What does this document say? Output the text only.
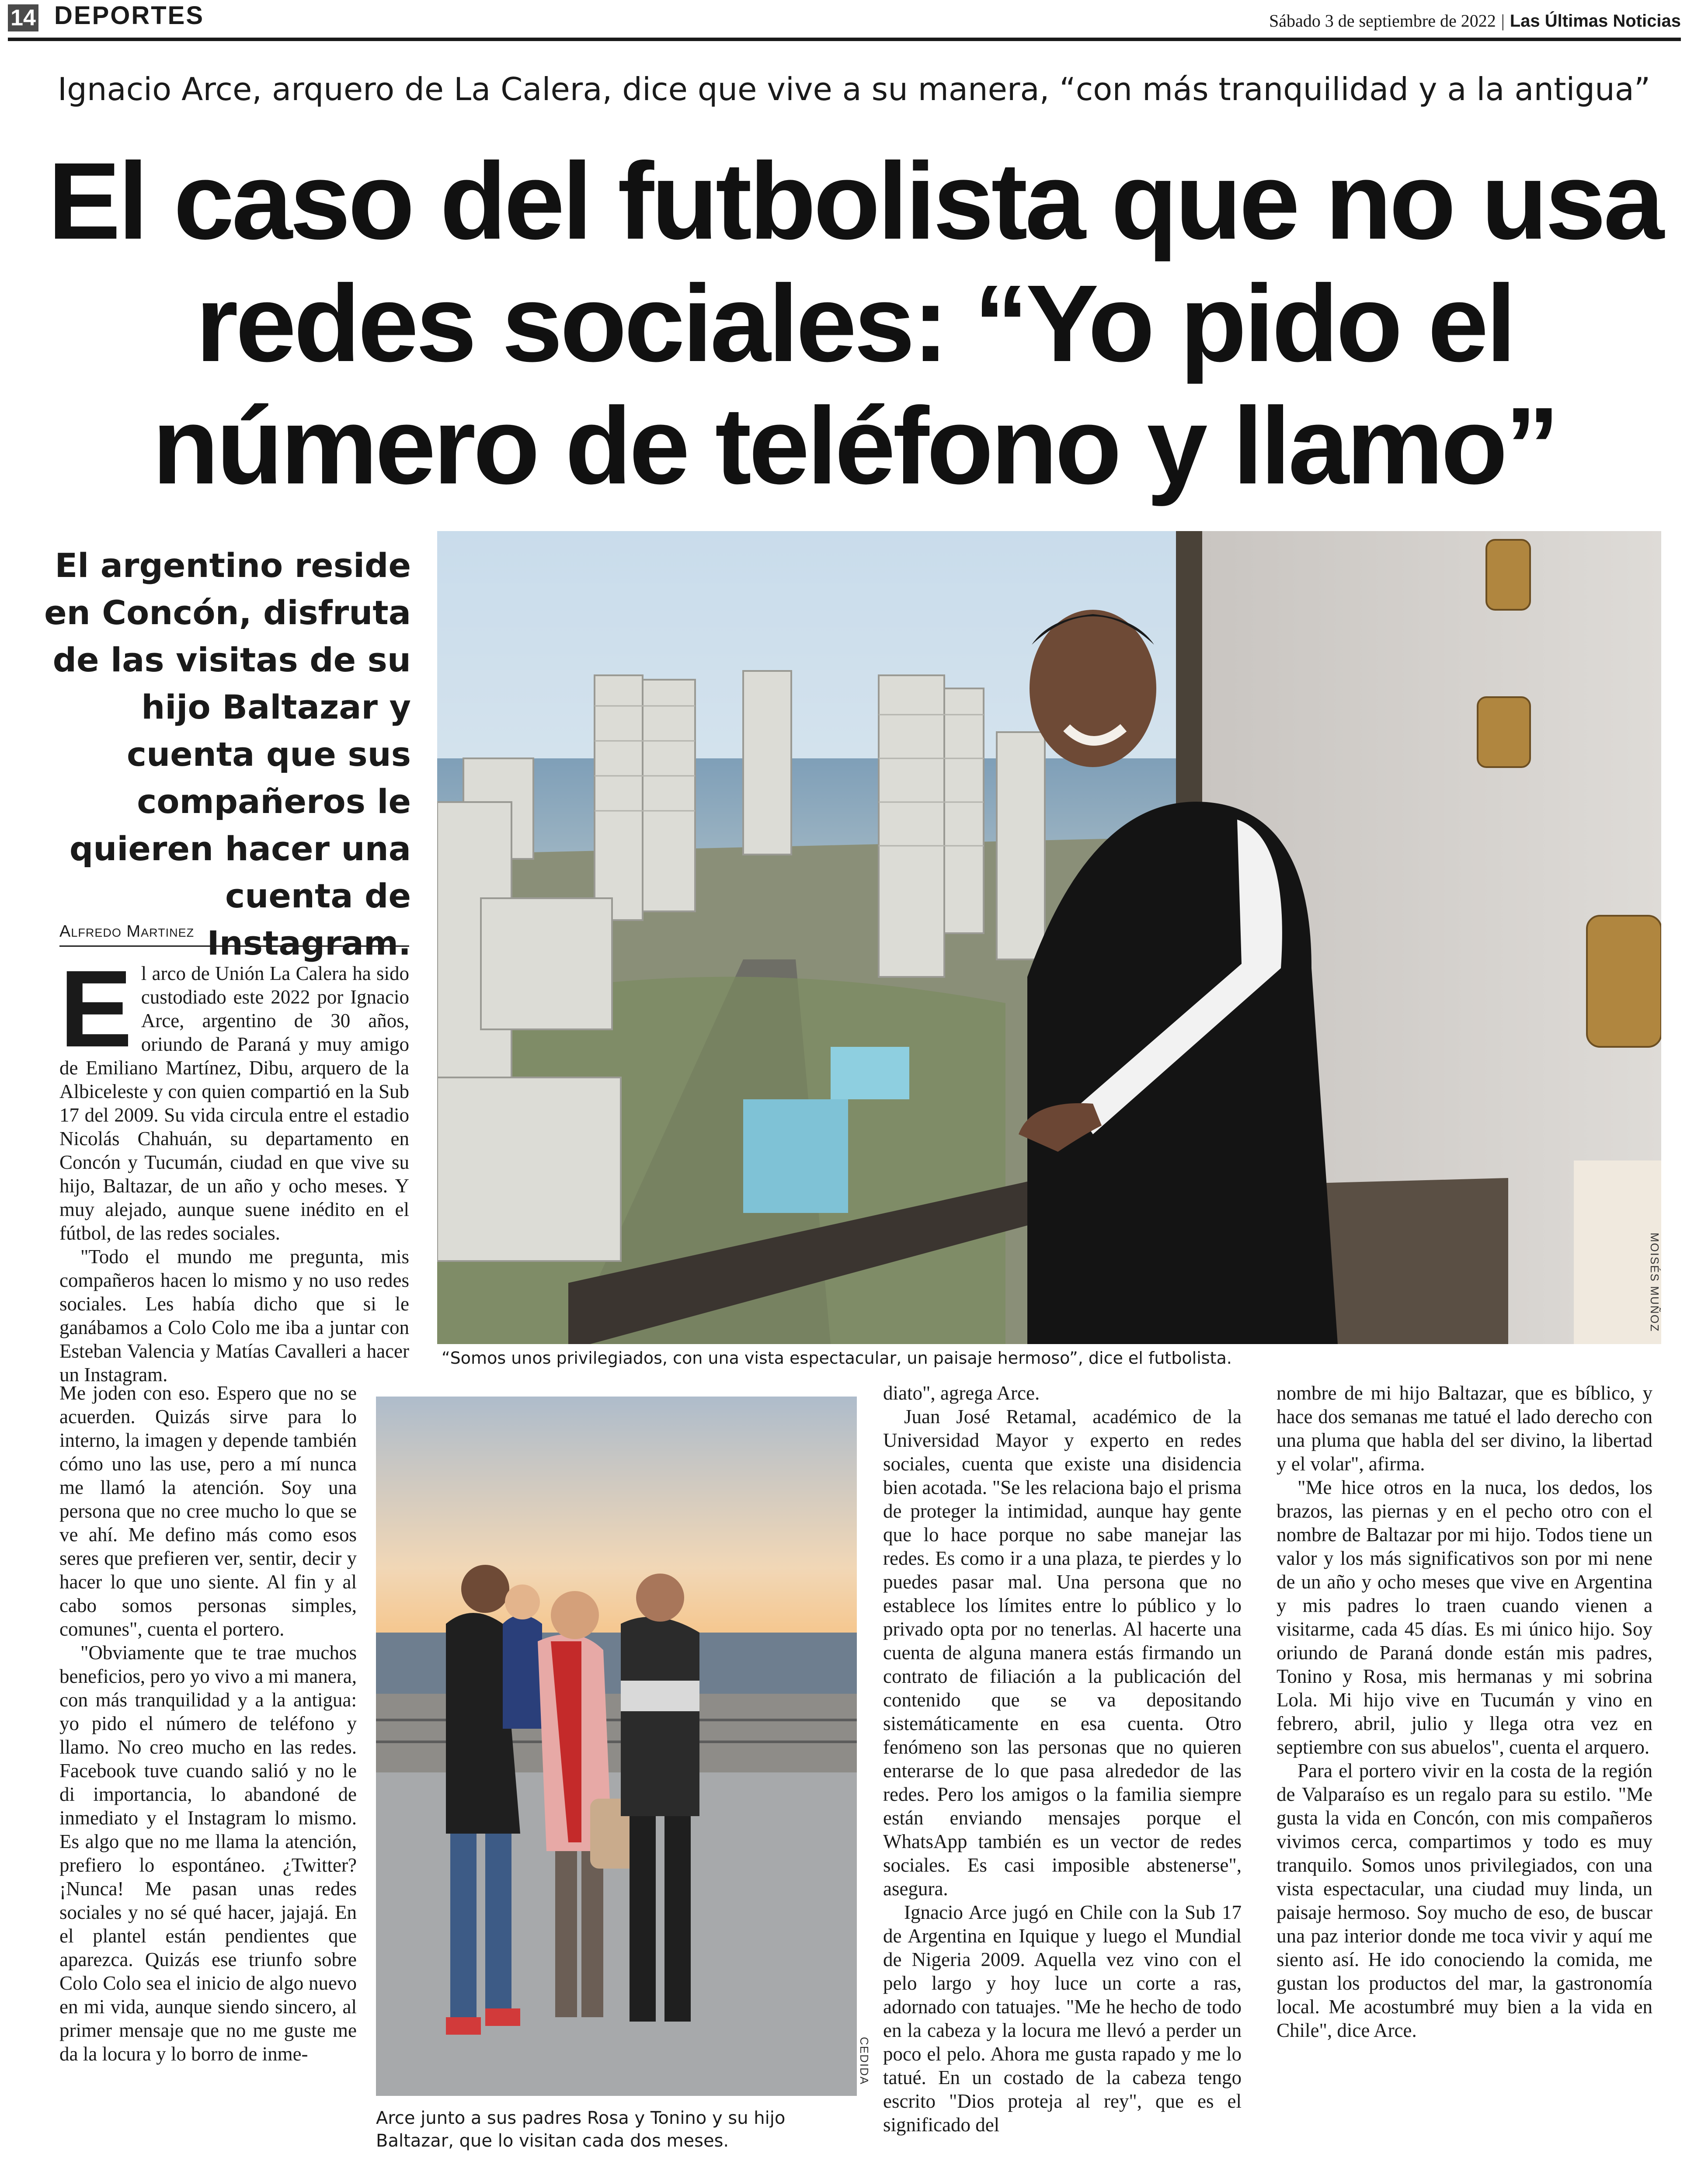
14 DEPORTES	Sábado 3 de septiembre de 2022 | Las Últimas Noticias
Ignacio Arce, arquero de La Calera, dice que vive a su manera, “con más tranquilidad y a la antigua”
El caso del futbolista que no usa redes sociales: “Yo pido el número de teléfono y llamo”

El argentino reside en Concón, disfruta de las visitas de su hijo Baltazar y cuenta que sus compañeros le quieren hacer una cuenta de Instagram.

Alfredo Martinez

El arco de Unión La Calera ha sido custodiado este 2022 por Ignacio Arce, argentino de 30 años, oriundo de Paraná y muy amigo de Emiliano Martínez, Dibu, arquero de la Albiceleste y con quien compartió en la Sub 17 del 2009. Su vida circula entre el estadio Nicolás Chahuán, su departamento en Concón y Tucumán, ciudad en que vive su hijo, Baltazar, de un año y ocho meses. Y muy alejado, aunque suene inédito en el fútbol, de las redes sociales.

"Todo el mundo me pregunta, mis compañeros hacen lo mismo y no uso redes sociales. Les había dicho que si le ganábamos a Colo Colo me iba a juntar con Esteban Valencia y Matías Cavalleri a hacer un Instagram.

MOISÉS MUÑOZ
“Somos unos privilegiados, con una vista espectacular, un paisaje hermoso”, dice el futbolista.

Me joden con eso. Espero que no se acuerden. Quizás sirve para lo interno, la imagen y depende también cómo uno las use, pero a mí nunca me llamó la atención. Soy una persona que no cree mucho lo que se ve ahí. Me defino más como esos seres que prefieren ver, sentir, decir y hacer lo que uno siente. Al fin y al cabo somos personas simples, comunes", cuenta el portero.

"Obviamente que te trae muchos beneficios, pero yo vivo a mi manera, con más tranquilidad y a la antigua: yo pido el número de teléfono y llamo. No creo mucho en las redes. Facebook tuve cuando salió y no le di importancia, lo abandoné de inmediato y el Instagram lo mismo. Es algo que no me llama la atención, prefiero lo espontáneo. ¿Twitter? ¡Nunca! Me pasan unas redes sociales y no sé qué hacer, jajajá. En el plantel están pendientes que aparezca. Quizás ese triunfo sobre Colo Colo sea el inicio de algo nuevo en mi vida, aunque siendo sincero, al primer mensaje que no me guste me da la locura y lo borro de inme-	CEDIDA
Arce junto a sus padres Rosa y Tonino y su hijo Baltazar, que lo visitan cada dos meses.

diato", agrega Arce.

Juan José Retamal, académico de la Universidad Mayor y experto en redes sociales, cuenta que existe una disidencia bien acotada. "Se les relaciona bajo el prisma de proteger la intimidad, aunque hay gente que lo hace porque no sabe manejar las redes. Es como ir a una plaza, te pierdes y lo puedes pasar mal. Una persona que no establece los límites entre lo público y lo privado opta por no tenerlas. Al hacerte una cuenta de alguna manera estás firmando un contrato de filiación a la publicación del contenido que se va depositando sistemáticamente en esa cuenta. Otro fenómeno son las personas que no quieren enterarse de lo que pasa alrededor de las redes. Pero los amigos o la familia siempre están enviando mensajes porque el WhatsApp también es un vector de redes sociales. Es casi imposible abstenerse", asegura.

Ignacio Arce jugó en Chile con la Sub 17 de Argentina en Iquique y luego el Mundial de Nigeria 2009. Aquella vez vino con el pelo largo y hoy luce un corte a ras, adornado con tatuajes. "Me he hecho de todo en la cabeza y la locura me llevó a perder un poco el pelo. Ahora me gusta rapado y me lo tatué. En un costado de la cabeza tengo escrito "Dios proteja al rey", que es el significado del

nombre de mi hijo Baltazar, que es bíblico, y hace dos semanas me tatué el lado derecho con una pluma que habla del ser divino, la libertad y el volar", afirma.

"Me hice otros en la nuca, los dedos, los brazos, las piernas y en el pecho otro con el nombre de Baltazar por mi hijo. Todos tiene un valor y los más significativos son por mi nene de un año y ocho meses que vive en Argentina y mis padres lo traen cuando vienen a visitarme, cada 45 días. Es mi único hijo. Soy oriundo de Paraná donde están mis padres, Tonino y Rosa, mis hermanas y mi sobrina Lola. Mi hijo vive en Tucumán y vino en febrero, abril, julio y llega otra vez en septiembre con sus abuelos", cuenta el arquero.

Para el portero vivir en la costa de la región de Valparaíso es un regalo para su estilo. "Me gusta la vida en Concón, con mis compañeros vivimos cerca, compartimos y todo es muy tranquilo. Somos unos privilegiados, con una vista espectacular, una ciudad muy linda, un paisaje hermoso. Soy mucho de eso, de buscar una paz interior donde me toca vivir y aquí me siento así. He ido conociendo la comida, me gustan los productos del mar, la gastronomía local. Me acostumbré muy bien a la vida en Chile", dice Arce.
